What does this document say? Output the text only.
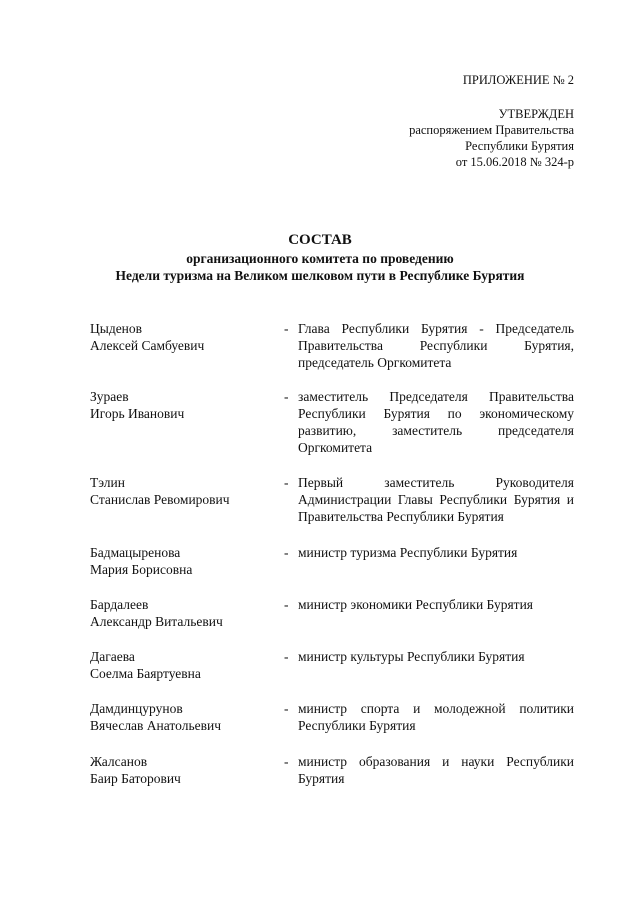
ПРИЛОЖЕНИЕ № 2
УТВЕРЖДЕН
распоряжением Правительства
Республики Бурятия
от 15.06.2018 № 324-р
СОСТАВ
организационного комитета по проведению
Недели туризма на Великом шелковом пути в Республике Бурятия
Цыденов
Алексей Самбуевич
- Глава Республики Бурятия - Председатель Правительства Республики Бурятия, председатель Оргкомитета
Зураев
Игорь Иванович
- заместитель Председателя Правительства Республики Бурятия по экономическому развитию, заместитель председателя Оргкомитета
Тэлин
Станислав Ревомирович
- Первый заместитель Руководителя Администрации Главы Республики Бурятия и Правительства Республики Бурятия
Бадмацыренова
Мария Борисовна
- министр туризма Республики Бурятия
Бардалеев
Александр Витальевич
- министр экономики Республики Бурятия
Дагаева
Соелма Баяртуевна
- министр культуры Республики Бурятия
Дамдинцурунов
Вячеслав Анатольевич
- министр спорта и молодежной политики Республики Бурятия
Жалсанов
Баир Баторович
- министр образования и науки Республики Бурятия
